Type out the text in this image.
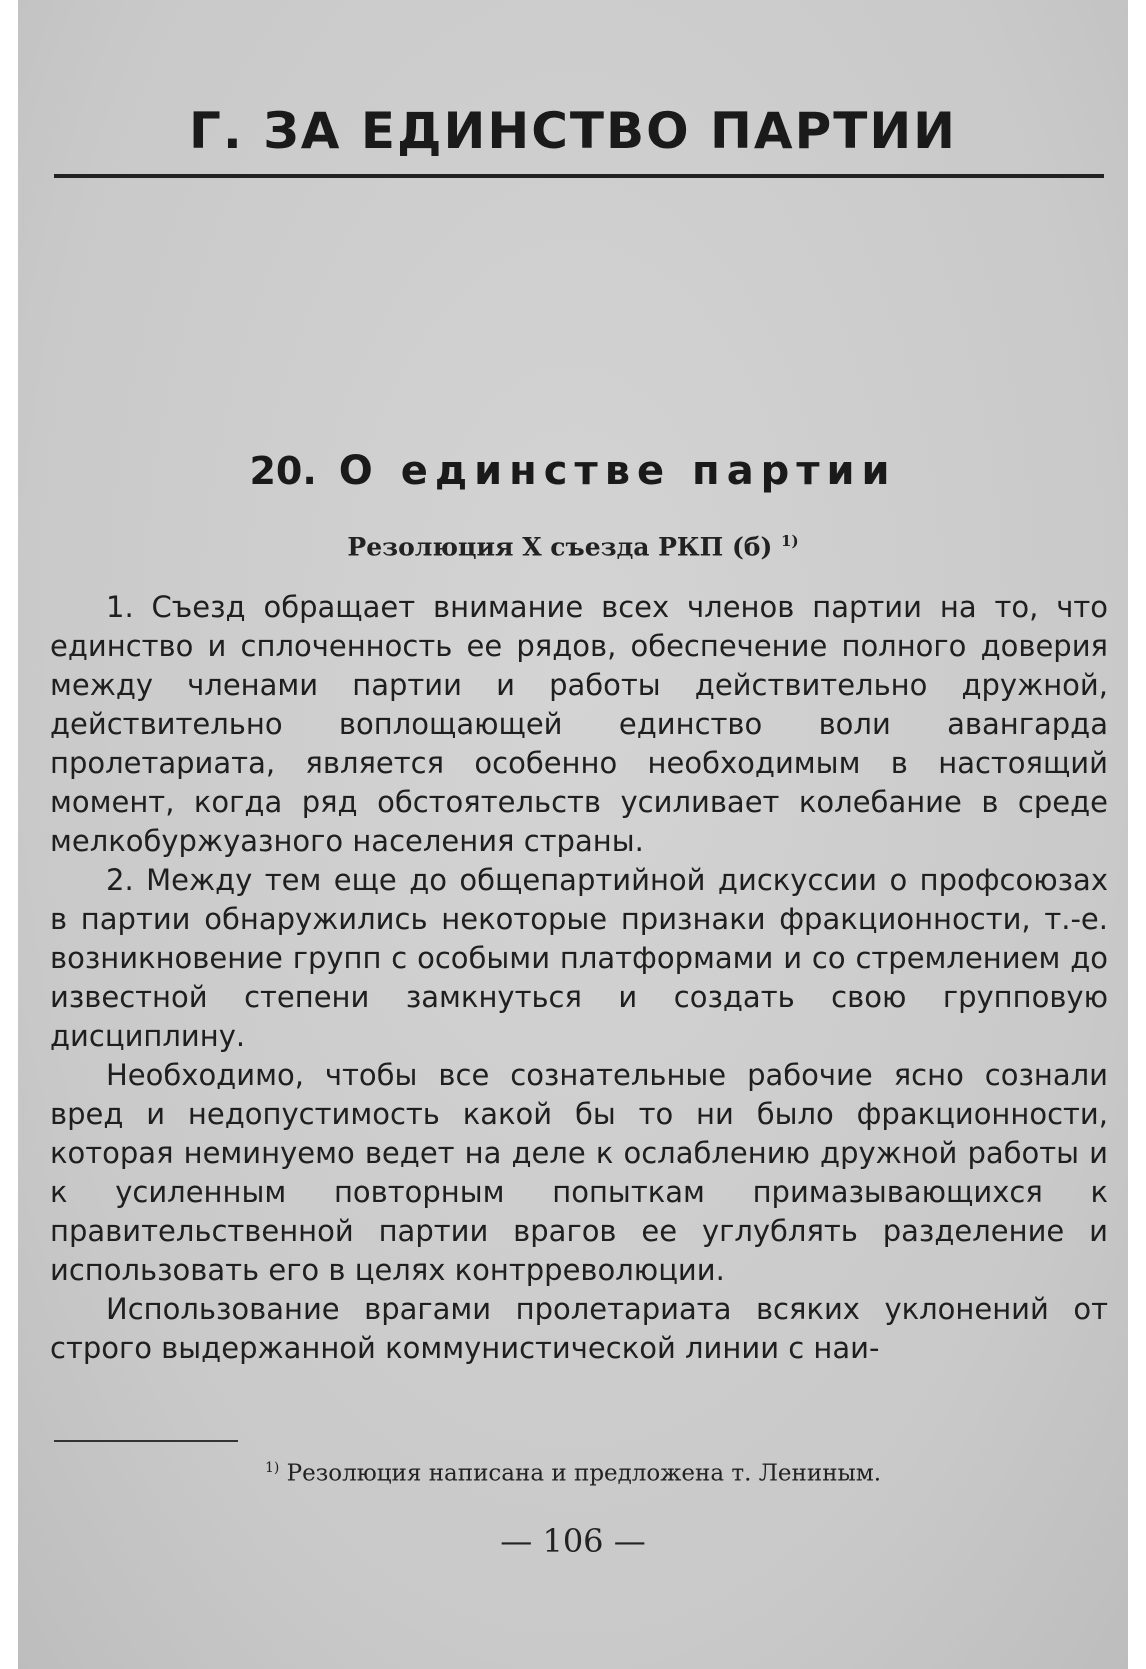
Г. ЗА ЕДИНСТВО ПАРТИИ
20. О единстве партии

Резолюция X съезда РКП (б) $^{1)}$

1. Съезд обращает внимание всех членов партии на то, что единство и сплоченность ее рядов, обеспечение полного доверия между членами партии и работы действительно дружной, действительно воплощающей единство воли авангарда пролетариата, является особенно необходимым в настоящий момент, когда ряд обстоятельств усиливает колебание в среде мелкобуржуазного населения страны.

2. Между тем еще до общепартийной дискуссии о профсоюзах в партии обнаружились некоторые признаки фракционности, т.-е. возникновение групп с особыми платформами и со стремлением до известной степени замкнуться и создать свою групповую дисциплину.

Необходимо, чтобы все сознательные рабочие ясно сознали вред и недопустимость какой бы то ни было фракционности, которая неминуемо ведет на деле к ослаблению дружной работы и к усиленным повторным попыткам примазывающихся к правительственной партии врагов ее углублять разделение и использовать его в целях контрреволюции.

Использование врагами пролетариата всяких уклонений от строго выдержанной коммунистической линии с наи-

$^{1)}$ Резолюция написана и предложена т. Лениным.

— 106 —
